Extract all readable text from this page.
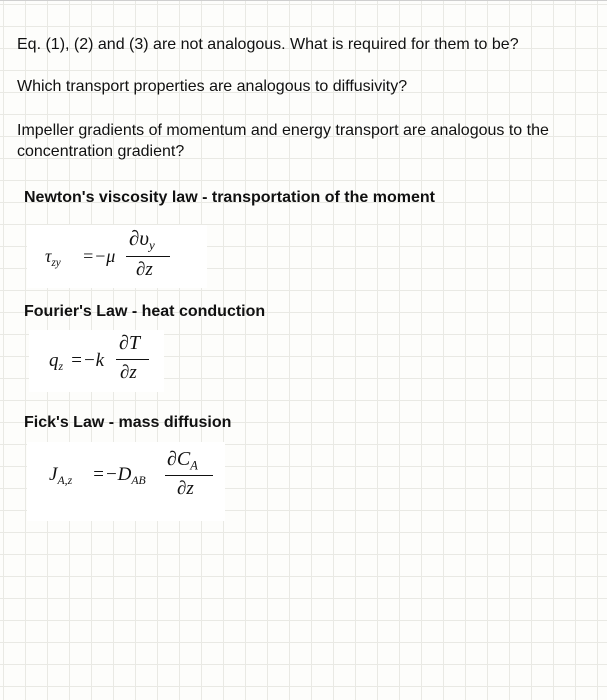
Eq. (1), (2) and (3) are not analogous. What is required for them to be?
Which transport properties are analogous to diffusivity?
Impeller gradients of momentum and energy transport are analogous to the concentration gradient?
Newton's viscosity law - transportation of the moment
$\tau_{zy} =-\mu$
$\partial\upsilon_y$
∂z
Fourier's Law - heat conduction
$q_z =-k$
∂T
∂z
Fick's Law - mass diffusion
$J_{A,z} =-D_{AB}$
$\partial C_A$
∂z
